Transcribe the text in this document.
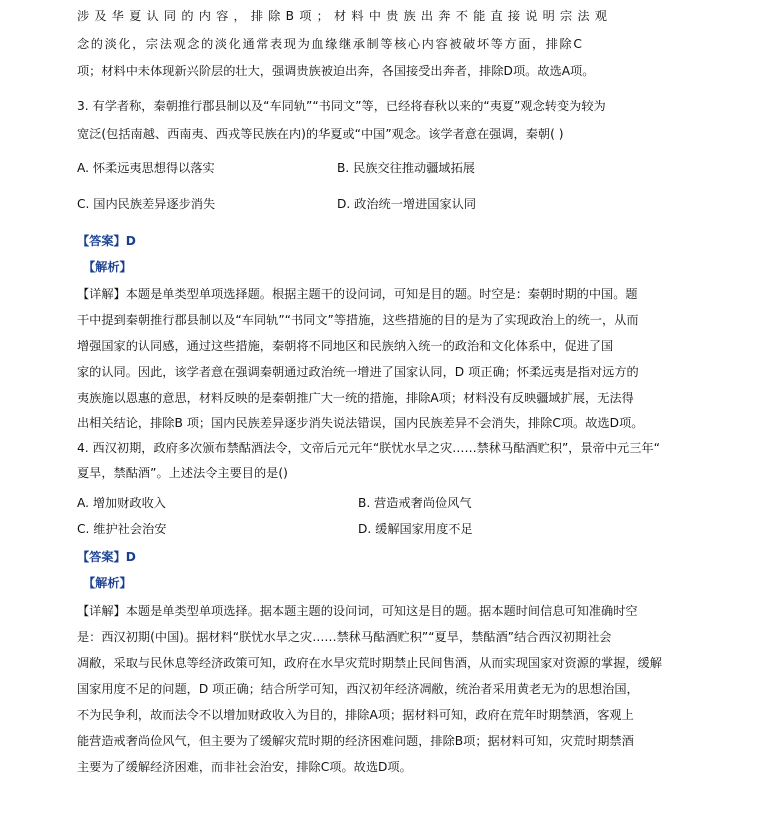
涉及华夏认同的内容，排除B项；材料中贵族出奔不能直接说明宗法观
念的淡化，宗法观念的淡化通常表现为血缘继承制等核心内容被破坏等方面，排除C
项；材料中未体现新兴阶层的壮大，强调贵族被迫出奔，各国接受出奔者，排除D项。故选A项。
3. 有学者称，秦朝推行郡县制以及“车同轨”“书同文”等，已经将春秋以来的“夷夏”观念转变为较为
宽泛(包括南越、西南夷、西戎等民族在内)的华夏或“中国”观念。该学者意在强调，秦朝( )
A. 怀柔远夷思想得以落实	B. 民族交往推动疆域拓展
C. 国内民族差异逐步消失	D. 政治统一增进国家认同
【答案】D
【解析】
【详解】本题是单类型单项选择题。根据主题干的设问词，可知是目的题。时空是：秦朝时期的中国。题
干中提到秦朝推行郡县制以及“车同轨”“书同文”等措施，这些措施的目的是为了实现政治上的统一，从而
增强国家的认同感，通过这些措施，秦朝将不同地区和民族纳入统一的政治和文化体系中，促进了国
家的认同。因此，该学者意在强调秦朝通过政治统一增进了国家认同，D 项正确；怀柔远夷是指对远方的
夷族施以恩惠的意思，材料反映的是秦朝推广大一统的措施，排除A项；材料没有反映疆域扩展，无法得
出相关结论，排除B 项；国内民族差异逐步消失说法错误，国内民族差异不会消失，排除C项。故选D项。
4. 西汉初期，政府多次颁布禁酤酒法令，文帝后元元年“朕忧水旱之灾……禁秫马酤酒贮积”，景帝中元三年“
夏旱，禁酤酒”。上述法令主要目的是()
A. 增加财政收入	B. 营造戒奢尚俭风气
C. 维护社会治安	D. 缓解国家用度不足
【答案】D
【解析】
【详解】本题是单类型单项选择。据本题主题的设问词，可知这是目的题。据本题时间信息可知准确时空
是：西汉初期(中国)。据材料“朕忧水旱之灾……禁秫马酤酒贮积”“夏旱，禁酤酒”结合西汉初期社会
凋敝，采取与民休息等经济政策可知，政府在水旱灾荒时期禁止民间售酒，从而实现国家对资源的掌握，缓解
国家用度不足的问题，D 项正确；结合所学可知，西汉初年经济凋敝，统治者采用黄老无为的思想治国，
不为民争利，故而法令不以增加财政收入为目的，排除A项；据材料可知，政府在荒年时期禁酒，客观上
能营造戒奢尚俭风气，但主要为了缓解灾荒时期的经济困难问题，排除B项；据材料可知，灾荒时期禁酒
主要为了缓解经济困难，而非社会治安，排除C项。故选D项。
